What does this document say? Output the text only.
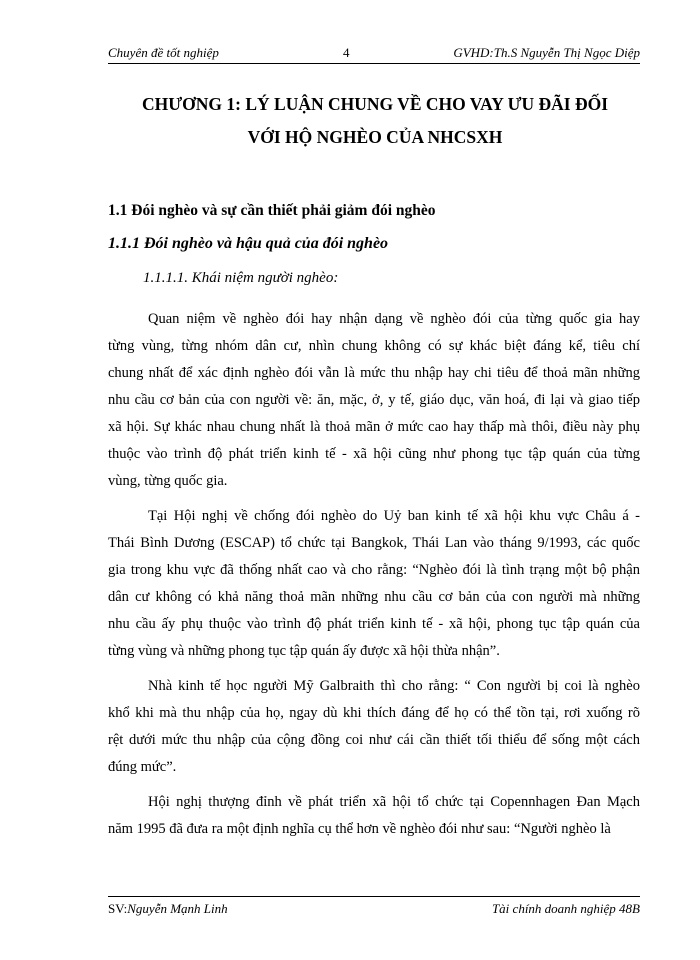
Chuyên đề tốt nghiệp	4	GVHD:Th.S Nguyễn Thị Ngọc Diệp
CHƯƠNG 1: LÝ LUẬN CHUNG VỀ CHO VAY ƯU ĐÃI ĐỐI
VỚI HỘ NGHÈO CỦA NHCSXH
1.1 Đói nghèo và sự cần thiết phải giảm đói nghèo
1.1.1 Đói nghèo và hậu quả của đói nghèo
1.1.1.1. Khái niệm người nghèo:
Quan niệm về nghèo đói hay nhận dạng về nghèo đói của từng quốc gia hay
từng vùng, từng nhóm dân cư, nhìn chung không có sự khác biệt đáng kể, tiêu chí
chung nhất để xác định nghèo đói vẫn là mức thu nhập hay chi tiêu để thoả mãn những
nhu cầu cơ bản của con người về: ăn, mặc, ở, y tế, giáo dục, văn hoá, đi lại và giao tiếp
xã hội. Sự khác nhau chung nhất là thoả mãn ở mức cao hay thấp mà thôi, điều này phụ
thuộc vào trình độ phát triển kinh tế - xã hội cũng như phong tục tập quán của từng
vùng, từng quốc gia.
Tại Hội nghị về chống đói nghèo do Uỷ ban kinh tế xã hội khu vực Châu á -
Thái Bình Dương (ESCAP) tổ chức tại Bangkok, Thái Lan vào tháng 9/1993, các quốc
gia trong khu vực đã thống nhất cao và cho rằng: “Nghèo đói là tình trạng một bộ phận
dân cư không có khả năng thoả mãn những nhu cầu cơ bản của con người mà những
nhu cầu ấy phụ thuộc vào trình độ phát triển kinh tế - xã hội, phong tục tập quán của
từng vùng và những phong tục tập quán ấy được xã hội thừa nhận”.
Nhà kinh tế học người Mỹ Galbraith thì cho rằng: “ Con người bị coi là nghèo
khổ khi mà thu nhập của họ, ngay dù khi thích đáng để họ có thể tồn tại, rơi xuống rõ
rệt dưới mức thu nhập của cộng đồng coi như cái cần thiết tối thiểu để sống một cách
đúng mức”.
Hội nghị thượng đỉnh về phát triển xã hội tổ chức tại Copennhagen Đan Mạch
năm 1995 đã đưa ra một định nghĩa cụ thể hơn về nghèo đói như sau: “Người nghèo là
SV:Nguyễn Mạnh Linh	Tài chính doanh nghiệp 48B
